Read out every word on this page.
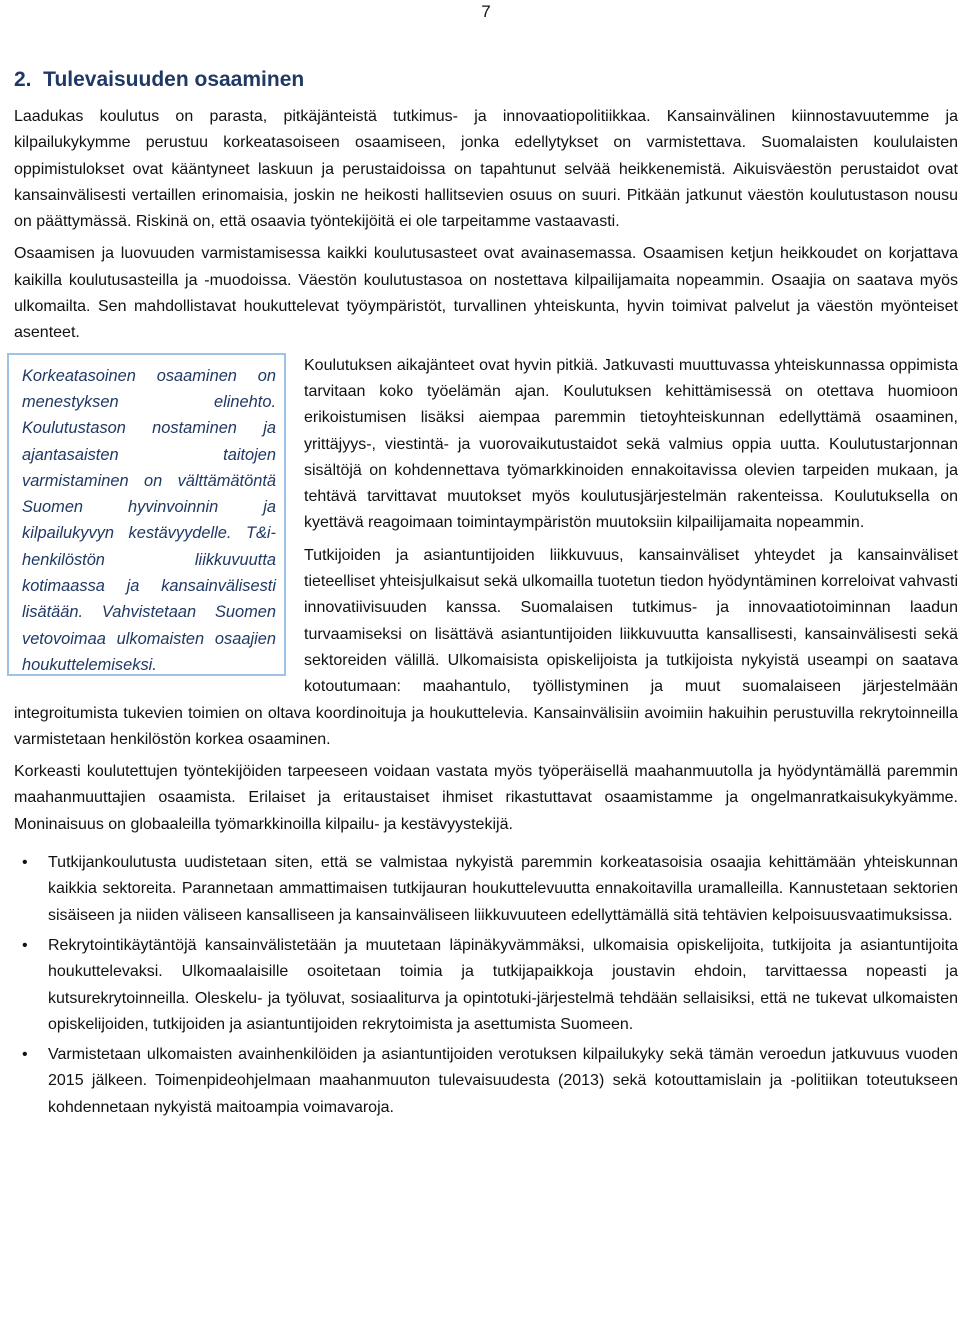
7
2.  Tulevaisuuden osaaminen

Laadukas koulutus on parasta, pitkäjänteistä tutkimus- ja innovaatiopolitiikkaa. Kansainvälinen kiinnostavuutemme ja kilpailukykymme perustuu korkeatasoiseen osaamiseen, jonka edellytykset on varmistettava. Suomalaisten koululaisten oppimistulokset ovat kääntyneet laskuun ja perustaidoissa on tapahtunut selvää heikkenemistä. Aikuisväestön perustaidot ovat kansainvälisesti vertaillen erinomaisia, joskin ne heikosti hallitsevien osuus on suuri. Pitkään jatkunut väestön koulutustason nousu on päättymässä. Riskinä on, että osaavia työntekijöitä ei ole tarpeitamme vastaavasti.

Osaamisen ja luovuuden varmistamisessa kaikki koulutusasteet ovat avainasemassa. Osaamisen ketjun heikkoudet on korjattava kaikilla koulutusasteilla ja -muodoissa. Väestön koulutustasoa on nostettava kilpailijamaita nopeammin. Osaajia on saatava myös ulkomailta. Sen mahdollistavat houkuttelevat työympäristöt, turvallinen yhteiskunta, hyvin toimivat palvelut ja väestön myönteiset asenteet.

Korkeatasoinen osaaminen on menestyksen elinehto. Koulutustason nostaminen ja ajantasaisten taitojen varmistaminen on välttämätöntä Suomen hyvinvoinnin ja kilpailukyvyn kestävyydelle. T&i-henkilöstön liikkuvuutta kotimaassa ja kansainvälisesti lisätään. Vahvistetaan Suomen vetovoimaa ulkomaisten osaajien houkuttelemiseksi.

Koulutuksen aikajänteet ovat hyvin pitkiä. Jatkuvasti muuttuvassa yhteiskunnassa oppimista tarvitaan koko työelämän ajan. Koulutuksen kehittämisessä on otettava huomioon erikoistumisen lisäksi aiempaa paremmin tietoyhteiskunnan edellyttämä osaaminen, yrittäjyys-, viestintä- ja vuorovaikutustaidot sekä valmius oppia uutta. Koulutustarjonnan sisältöjä on kohdennettava työmarkkinoiden ennakoitavissa olevien tarpeiden mukaan, ja tehtävä tarvittavat muutokset myös koulutusjärjestelmän rakenteissa. Koulutuksella on kyettävä reagoimaan toimintaympäristön muutoksiin kilpailijamaita nopeammin.

Tutkijoiden ja asiantuntijoiden liikkuvuus, kansainväliset yhteydet ja kansainväliset tieteelliset yhteisjulkaisut sekä ulkomailla tuotetun tiedon hyödyntäminen korreloivat vahvasti innovatiivisuuden kanssa. Suomalaisen tutkimus- ja innovaatiotoiminnan laadun turvaamiseksi on lisättävä asiantuntijoiden liikkuvuutta kansallisesti, kansainvälisesti sekä sektoreiden välillä. Ulkomaisista opiskelijoista ja tutkijoista nykyistä useampi on saatava kotoutumaan: maahantulo, työllistyminen ja muut suomalaiseen järjestelmään integroitumista tukevien toimien on oltava koordinoituja ja houkuttelevia. Kansainvälisiin avoimiin hakuihin perustuvilla rekrytoinneilla varmistetaan henkilöstön korkea osaaminen.

Korkeasti koulutettujen työntekijöiden tarpeeseen voidaan vastata myös työperäisellä maahanmuutolla ja hyödyntämällä paremmin maahanmuuttajien osaamista. Erilaiset ja eritaustaiset ihmiset rikastuttavat osaamistamme ja ongelmanratkaisukykyämme. Moninaisuus on globaaleilla työmarkkinoilla kilpailu- ja kestävyystekijä.

• Tutkijankoulutusta uudistetaan siten, että se valmistaa nykyistä paremmin korkeatasoisia osaajia kehittämään yhteiskunnan kaikkia sektoreita. Parannetaan ammattimaisen tutkijauran houkuttelevuutta ennakoitavilla uramalleilla. Kannustetaan sektorien sisäiseen ja niiden väliseen kansalliseen ja kansainväliseen liikkuvuuteen edellyttämällä sitä tehtävien kelpoisuusvaatimuksissa.
• Rekrytointikäytäntöjä kansainvälistetään ja muutetaan läpinäkyvämmäksi, ulkomaisia opiskelijoita, tutkijoita ja asiantuntijoita houkuttelevaksi. Ulkomaalaisille osoitetaan toimia ja tutkijapaikkoja joustavin ehdoin, tarvittaessa nopeasti ja kutsurekrytoinneilla. Oleskelu- ja työluvat, sosiaaliturva ja opintotuki-järjestelmä tehdään sellaisiksi, että ne tukevat ulkomaisten opiskelijoiden, tutkijoiden ja asiantuntijoiden rekrytoimista ja asettumista Suomeen.
• Varmistetaan ulkomaisten avainhenkilöiden ja asiantuntijoiden verotuksen kilpailukyky sekä tämän veroedun jatkuvuus vuoden 2015 jälkeen. Toimenpideohjelmaan maahanmuuton tulevaisuudesta (2013) sekä kotouttamislain ja -politiikan toteutukseen kohdennetaan nykyistä maitoampia voimavaroja.
